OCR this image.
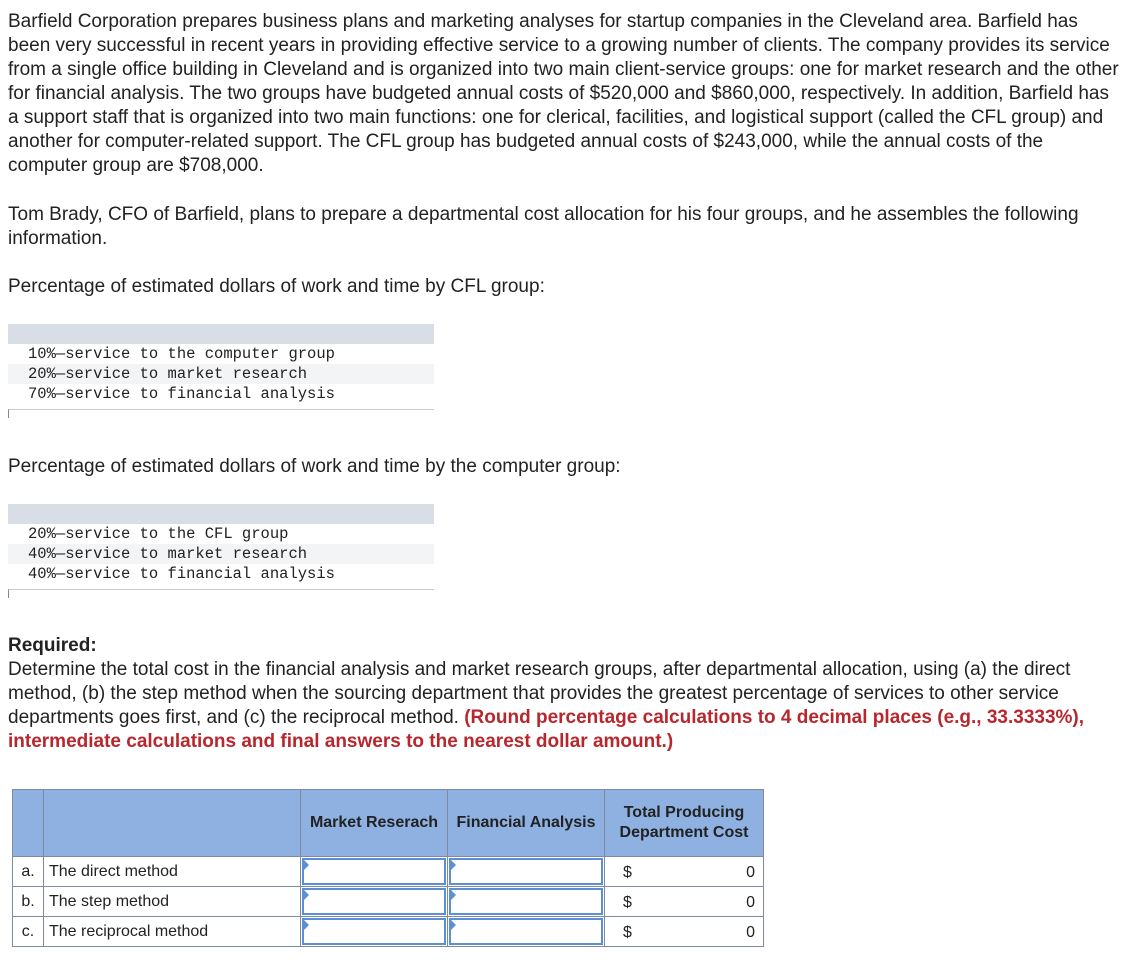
Barfield Corporation prepares business plans and marketing analyses for startup companies in the Cleveland area. Barfield has been very successful in recent years in providing effective service to a growing number of clients. The company provides its service from a single office building in Cleveland and is organized into two main client-service groups: one for market research and the other for financial analysis. The two groups have budgeted annual costs of $520,000 and $860,000, respectively. In addition, Barfield has a support staff that is organized into two main functions: one for clerical, facilities, and logistical support (called the CFL group) and another for computer-related support. The CFL group has budgeted annual costs of $243,000, while the annual costs of the computer group are $708,000.

Tom Brady, CFO of Barfield, plans to prepare a departmental cost allocation for his four groups, and he assembles the following information.

Percentage of estimated dollars of work and time by CFL group:

10%—service to the computer group
20%—service to market research
70%—service to financial analysis

Percentage of estimated dollars of work and time by the computer group:

20%—service to the CFL group
40%—service to market research
40%—service to financial analysis
Required:
Determine the total cost in the financial analysis and market research groups, after departmental allocation, using (a) the direct method, (b) the step method when the sourcing department that provides the greatest percentage of services to other service departments goes first, and (c) the reciprocal method. (Round percentage calculations to 4 decimal places (e.g., 33.3333%), intermediate calculations and final answers to the nearest dollar amount.)
		Market Reserach	Financial Analysis	Total Producing Department Cost
a.	The direct method			$ 0

b.	The step method			$ 0

c.	The reciprocal method			$ 0
